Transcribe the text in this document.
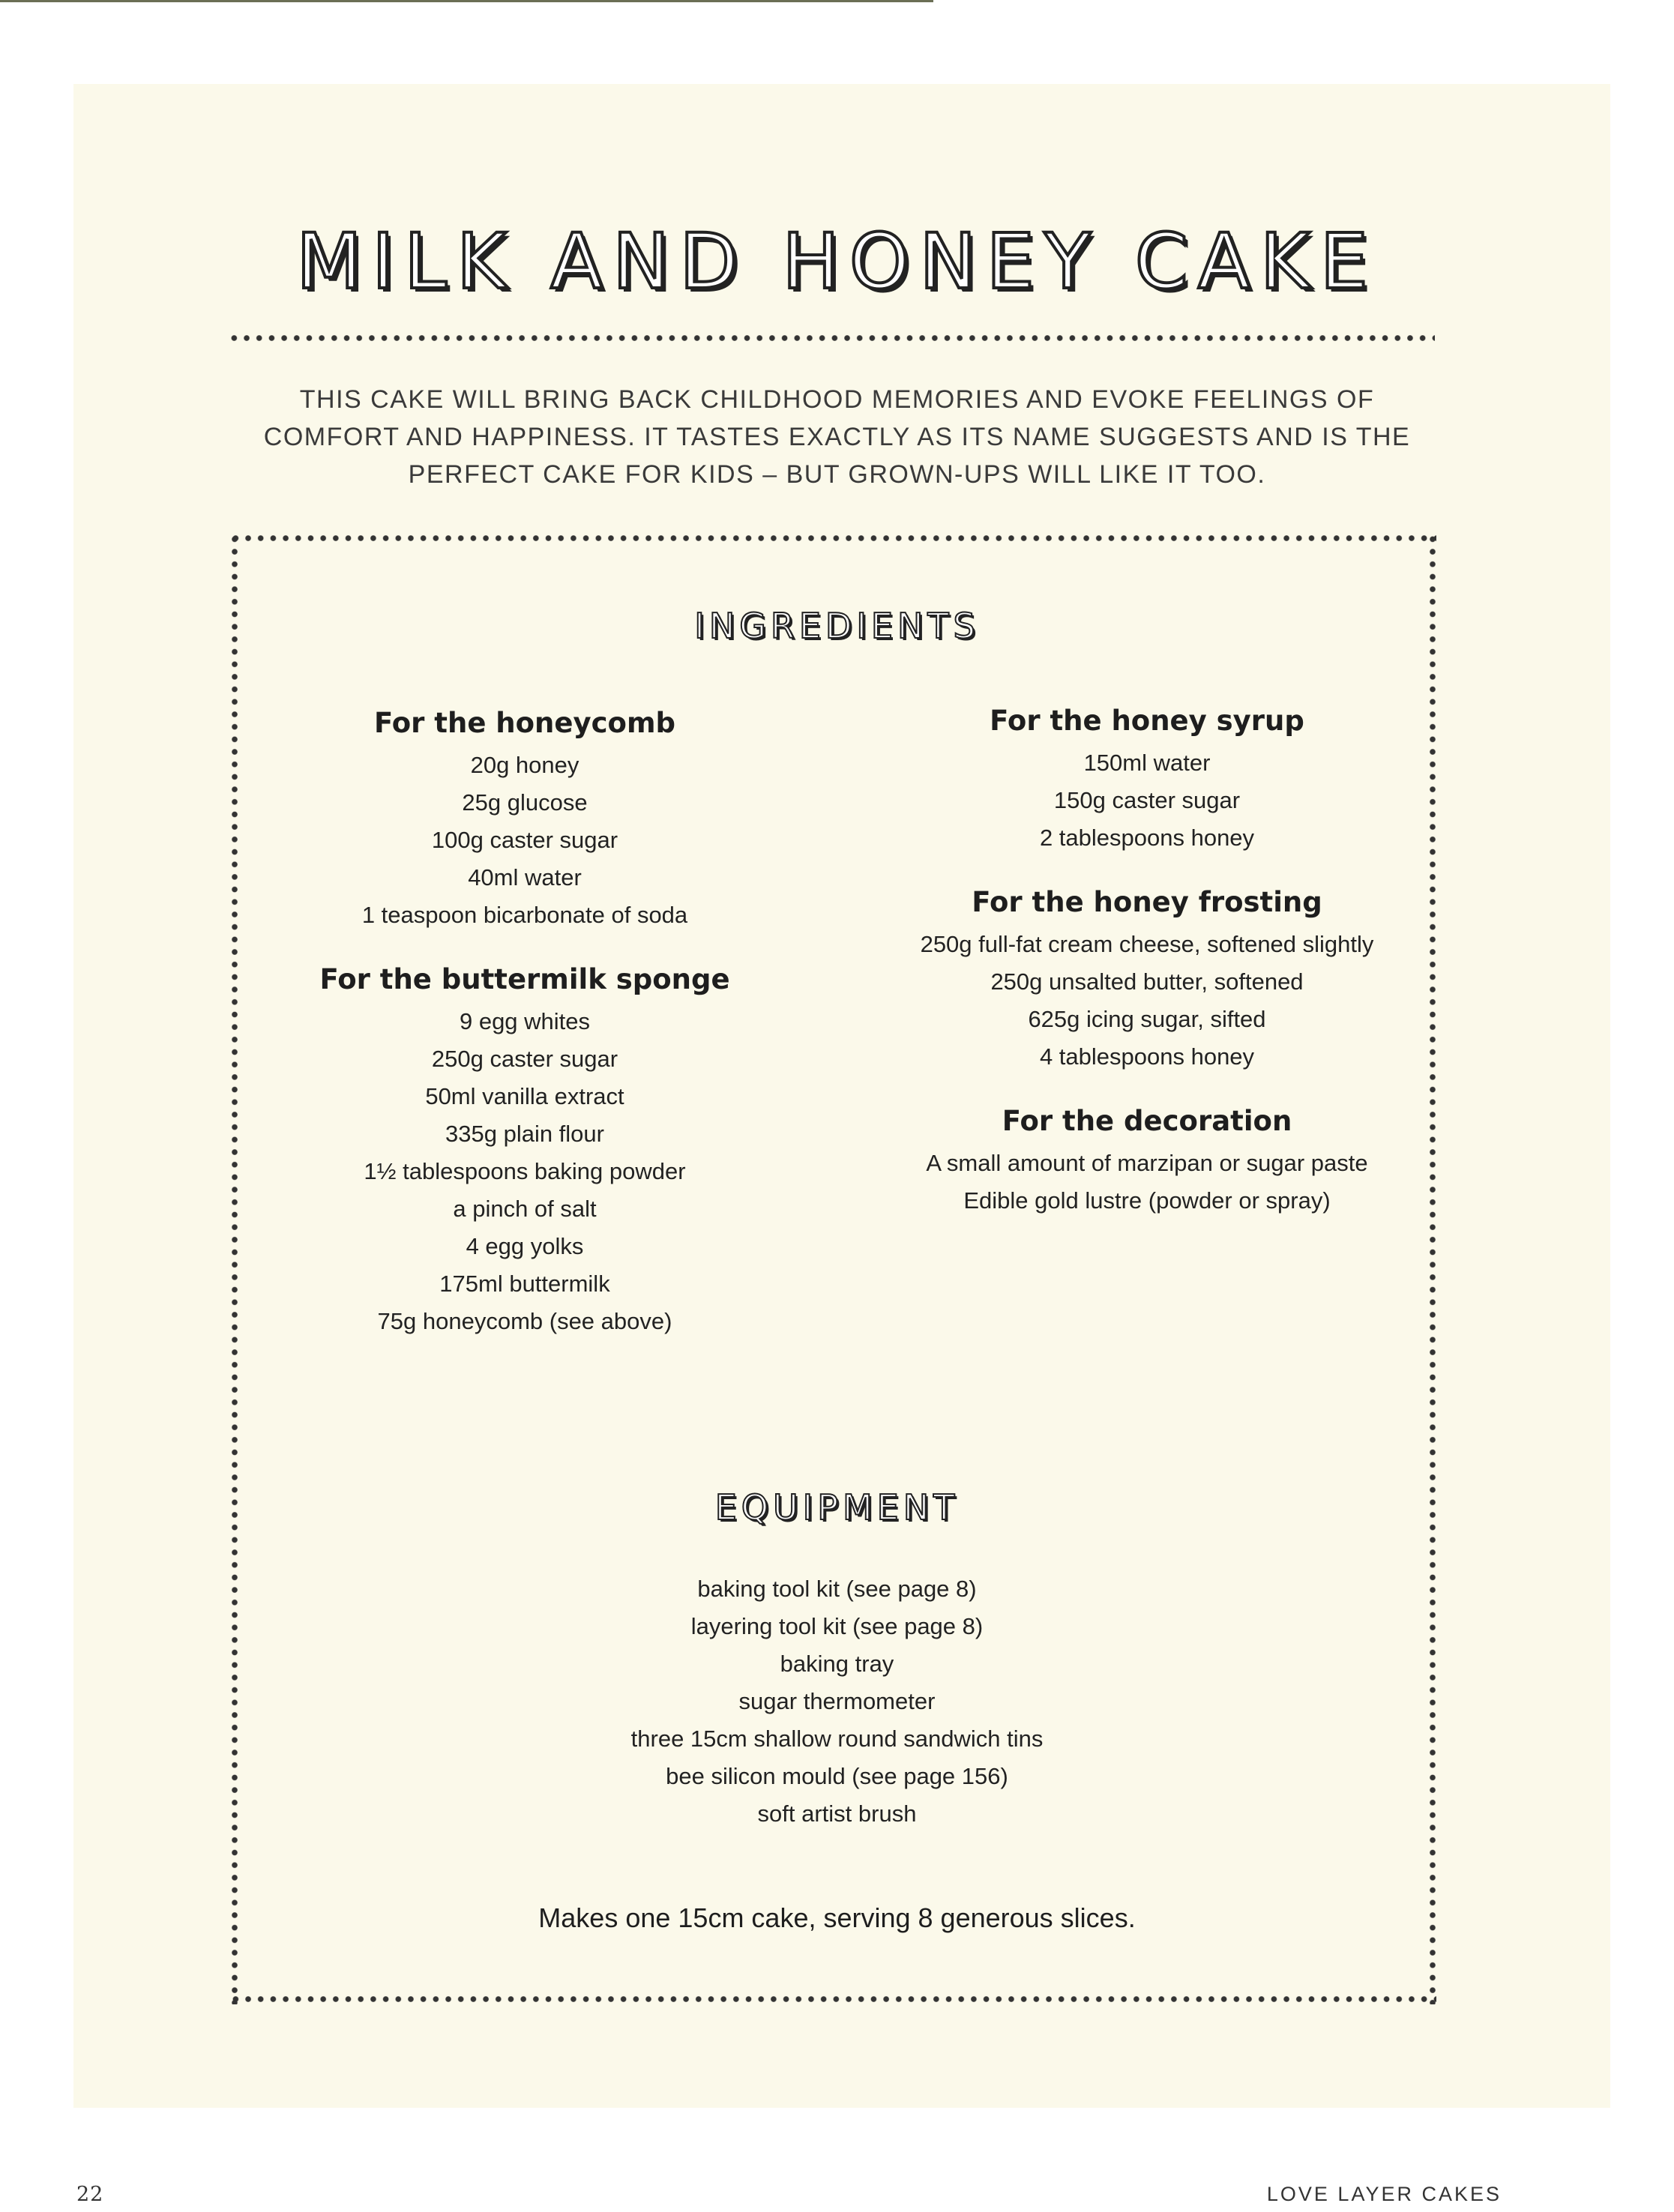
MILK AND HONEY CAKE
THIS CAKE WILL BRING BACK CHILDHOOD MEMORIES AND EVOKE FEELINGS OF
COMFORT AND HAPPINESS. IT TASTES EXACTLY AS ITS NAME SUGGESTS AND IS THE
PERFECT CAKE FOR KIDS – BUT GROWN-UPS WILL LIKE IT TOO.
INGREDIENTS
For the honeycomb
20g honey
25g glucose
100g caster sugar
40ml water
1 teaspoon bicarbonate of soda
For the buttermilk sponge
9 egg whites
250g caster sugar
50ml vanilla extract
335g plain flour
1½ tablespoons baking powder
a pinch of salt
4 egg yolks
175ml buttermilk
75g honeycomb (see above)
For the honey syrup
150ml water
150g caster sugar
2 tablespoons honey
For the honey frosting
250g full-fat cream cheese, softened slightly
250g unsalted butter, softened
625g icing sugar, sifted
4 tablespoons honey
For the decoration
A small amount of marzipan or sugar paste
Edible gold lustre (powder or spray)
EQUIPMENT
baking tool kit (see page 8)
layering tool kit (see page 8)
baking tray
sugar thermometer
three 15cm shallow round sandwich tins
bee silicon mould (see page 156)
soft artist brush
Makes one 15cm cake, serving 8 generous slices.
22	LOVE LAYER CAKES
